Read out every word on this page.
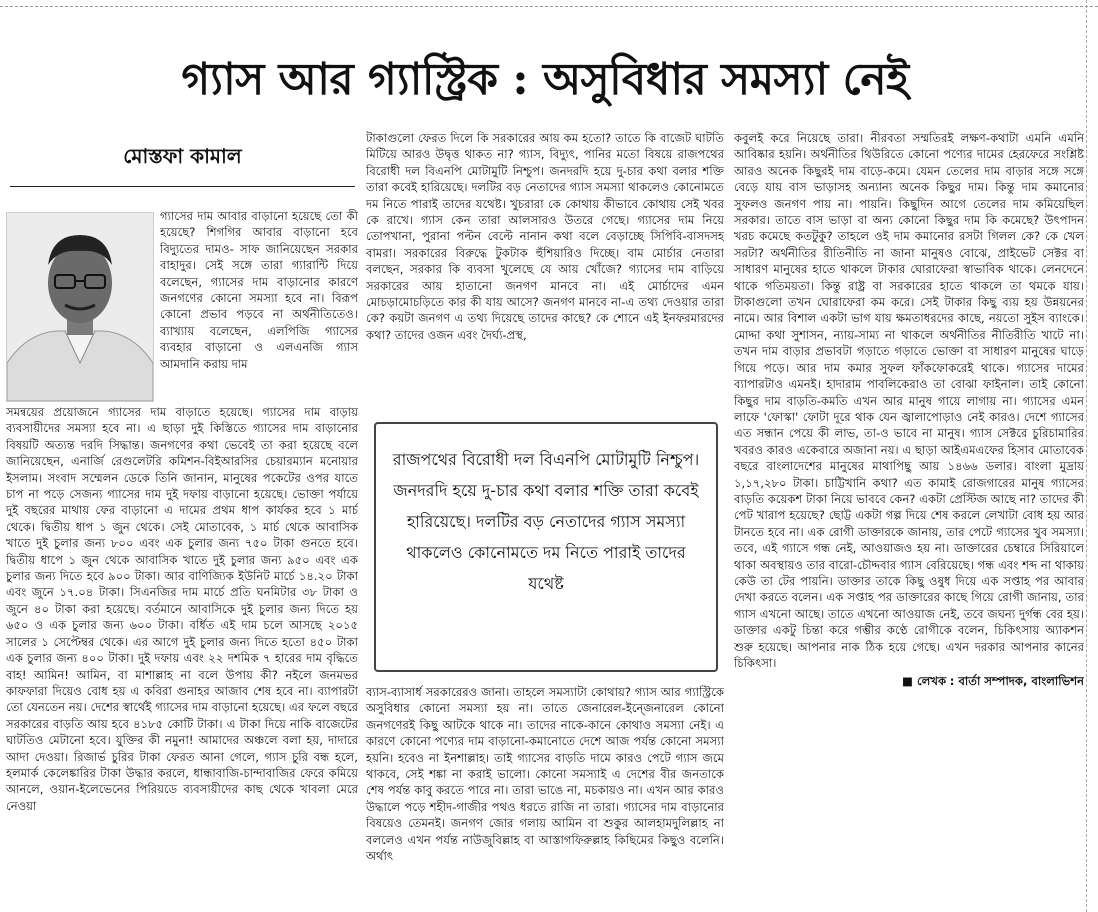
গ্যাস আর গ্যাস্ট্রিক : অসুবিধার সমস্যা নেই
মোস্তফা কামাল
গ্যাসের দাম আবার বাড়ানো হয়েছে তো কী হয়েছে? শিগগির আবার বাড়ানো হবে বিদ্যুতের দামও- সাফ জানিয়েছেন সরকার বাহাদুর। সেই সঙ্গে তারা গ্যারান্টি দিয়ে বলেছেন, গ্যাসের দাম বাড়ানোর কারণে জনগণের কোনো সমস্যা হবে না। বিরূপ কোনো প্রভাব পড়বে না অর্থনীতিতেও। ব্যাখ্যায় বলেছেন, এলপিজি গ্যাসের ব্যবহার বাড়ানো ও এলএনজি গ্যাস আমদানি করায় দাম
সমন্বয়ের প্রয়োজনে গ্যাসের দাম বাড়াতে হয়েছে। গ্যাসের দাম বাড়ায় ব্যবসায়ীদের সমস্যা হবে না। এ ছাড়া দুই কিস্তিতে গ্যাসের দাম বাড়ানোর বিষয়টি অত্যন্ত দরদি সিদ্ধান্ত। জনগণের কথা ভেবেই তা করা হয়েছে বলে জানিয়েছেন, এনার্জি রেগুলেটরি কমিশন-বিইআরসির চেয়ারম্যান মনোয়ার ইসলাম। সংবাদ সম্মেলন ডেকে তিনি জানান, মানুষের পকেটের ওপর যাতে চাপ না পড়ে সেজন্য গ্যাসের দাম দুই দফায় বাড়ানো হয়েছে। ভোক্তা পর্যায়ে দুই বছরের মাথায় ফের বাড়ানো এ দামের প্রথম ধাপ কার্যকর হবে ১ মার্চ থেকে। দ্বিতীয় ধাপ ১ জুন থেকে। সেই মোতাবেক, ১ মার্চ থেকে আবাসিক খাতে দুই চুলার জন্য ৮০০ এবং এক চুলার জন্য ৭৫০ টাকা গুনতে হবে। দ্বিতীয় ধাপে ১ জুন থেকে আবাসিক খাতে দুই চুলার জন্য ৯৫০ এবং এক চুলার জন্য দিতে হবে ৯০০ টাকা। আর বাণিজ্যিক ইউনিট মার্চে ১৪.২০ টাকা এবং জুনে ১৭.০৪ টাকা। সিএনজির দাম মার্চে প্রতি ঘনমিটার ৩৮ টাকা ও জুনে ৪০ টাকা করা হয়েছে। বর্তমানে আবাসিকে দুই চুলার জন্য দিতে হয় ৬৫০ ও এক চুলার জন্য ৬০০ টাকা। বর্ধিত এই দাম চলে আসছে ২০১৫ সালের ১ সেপ্টেম্বর থেকে। এর আগে দুই চুলার জন্য দিতে হতো ৪৫০ টাকা এক চুলার জন্য ৪০০ টাকা। দুই দফায় এবং ২২ দশমিক ৭ হারের দাম বৃদ্ধিতে বাহ! আমিন! আমিন, বা মাশাল্লাহ না বলে উপায় কী? নইলে জনমভর কাফফারা দিয়েও বোধ হয় এ কবিরা গুনাহর আজাব শেষ হবে না। ব্যাপারটা তো যেনতেন নয়। দেশের স্বার্থেই গ্যাসের দাম বাড়ানো হয়েছে। এর ফলে বছরে সরকারের বাড়তি আয় হবে ৪১৮৫ কোটি টাকা। এ টাকা দিয়ে নাকি বাজেটের ঘাটতিও মেটানো হবে। যুক্তির কী নমুনা! আমাদের অঞ্চলে বলা হয়, দাদারে আদা দেওয়া। রিজার্ভ চুরির টাকা ফেরত আনা গেলে, গ্যাস চুরি বন্ধ হলে, হলমার্ক কেলেঙ্কারির টাকা উদ্ধার করলে, ধান্ধাবাজি-চান্দাবাজির ফেরে কমিয়ে আনলে, ওয়ান-ইলেভেনের পিরিয়ডে ব্যবসায়ীদের কাছ থেকে খাবলা মেরে নেওয়া
টাকাগুলো ফেরত দিলে কি সরকারের আয় কম হতো? তাতে কি বাজেট ঘাটতি মিটিয়ে আরও উদ্বৃত্ত থাকত না? গ্যাস, বিদ্যুৎ, পানির মতো বিষয়ে রাজপথের বিরোধী দল বিএনপি মোটামুটি নিশ্চুপ। জনদরদি হয়ে দু-চার কথা বলার শক্তি তারা কবেই হারিয়েছে। দলটির বড় নেতাদের গ্যাস সমস্যা থাকলেও কোনোমতে দম নিতে পারাই তাদের যথেষ্ট। খুচরারা কে কোথায় কীভাবে কোথায় সেই খবর কে রাখে। গ্যাস কেন তারা আলসারও উতরে গেছে। গ্যাসের দাম নিয়ে তোপখানা, পুরানা পল্টন বেল্টে নানান কথা বলে বেড়াচ্ছে সিপিবি-বাসদসহ বামরা। সরকারের বিরুদ্ধে টুকটাক হুঁশিয়ারিও দিচ্ছে। বাম মোর্চার নেতারা বলছেন, সরকার কি ব্যবসা খুলেছে যে আয় খোঁজে? গ্যাসের দাম বাড়িয়ে সরকারের আয় হাতানো জনগণ মানবে না। এই মোর্চাদের এমন মোচড়ামোচড়িতে কার কী যায় আসে? জনগণ মানবে না-এ তথ্য দেওয়ার তারা কে? কয়টা জনগণ এ তথ্য দিয়েছে তাদের কাছে? কে শোনে এই ইনফরমারদের কথা? তাদের ওজন এবং দৈর্ঘ্য-প্রস্থ,
রাজপথের বিরোধী দল বিএনপি মোটামুটি নিশ্চুপ। জনদরদি হয়ে দু-চার কথা বলার শক্তি তারা কবেই হারিয়েছে। দলটির বড় নেতাদের গ্যাস সমস্যা থাকলেও কোনোমতে দম নিতে পারাই তাদের যথেষ্ট
ব্যাস-ব্যাসার্ধ সরকারেরও জানা। তাহলে সমস্যাটা কোথায়? গ্যাস আর গ্যাস্ট্রিকে অসুবিধার কোনো সমস্যা হয় না। তাতে জেনারেল-ইন্জেনারেল কোনো জনগণেরই কিছু আটকে থাকে না। তাদের নাকে-কানে কোথাও সমস্যা নেই। এ কারণে কোনো পণ্যের দাম বাড়ানো-কমানোতে দেশে আজ পর্যন্ত কোনো সমস্যা হয়নি। হবেও না ইনশাল্লাহ। তাই গ্যাসের বাড়তি দামে কারও পেটে গ্যাস জমে থাকবে, সেই শঙ্কা না করাই ভালো। কোনো সমস্যাই এ দেশের বীর জনতাকে শেষ পর্যন্ত কাবু করতে পারে না। তারা ভাঙে না, মচকায়ও না। এখন আর কারও উদ্ধালে পড়ে শহীদ-গাজীর পথও ধরতে রাজি না তারা। গ্যাসের দাম বাড়ানোর বিষয়েও তেমনই। জনগণ জোর গলায় আমিন বা শুকুর আলহামদুলিল্লাহ না বললেও এখন পর্যন্ত নাউজুবিল্লাহ বা আস্তাগফিরুল্লাহ কিছিমের কিছুও বলেনি। অর্থাৎ

কবুলই করে নিয়েছে তারা। নীরবতা সম্মতিরই লক্ষণ-কথাটা এমনি এমনি আবিষ্কার হয়নি। অর্থনীতির থিউরিতে কোনো পণ্যের দামের হেরফেরে সংশ্লিষ্ট আরও অনেক কিছুরই দাম বাড়ে-কমে। যেমন তেলের দাম বাড়ার সঙ্গে সঙ্গে বেড়ে যায় বাস ভাড়াসহ অন্যান্য অনেক কিছুর দাম। কিন্তু দাম কমানোর সুফলও জনগণ পায় না। পায়নি। কিছুদিন আগে তেলের দাম কমিয়েছিল সরকার। তাতে বাস ভাড়া বা অন্য কোনো কিছুর দাম কি কমেছে? উৎপাদন খরচ কমেছে কতটুকু? তাহলে ওই দাম কমানোর রসটা গিলল কে? কে খেল সরটা? অর্থনীতির রীতিনীতি না জানা মানুষও বোঝে, প্রাইভেট সেক্টর বা সাধারণ মানুষের হাতে থাকলে টাকার ঘোরাফেরা স্বাভাবিক থাকে। লেনদেনে থাকে গতিময়তা। কিন্তু রাষ্ট্র বা সরকারের হাতে থাকলে তা থমকে যায়। টাকাগুলো তখন ঘোরাফেরা কম করে। সেই টাকার কিছু ব্যয় হয় উন্নয়নের নামে। আর বিশাল একটা ভাগ যায় ক্ষমতাধরদের কাছে, নয়তো সুইস ব্যাংকে। মোদ্দা কথা সুশাসন, ন্যায়-সাম্য না থাকলে অর্থনীতির নীতিরীতি খাটে না। তখন দাম বাড়ার প্রভাবটা গড়াতে গড়াতে ভোক্তা বা সাধারণ মানুষের ঘাড়ে গিয়ে পড়ে। আর দাম কমার সুফল ফাঁকফোকরেই থাকে। গ্যাসের দামের ব্যাপারটাও এমনই। হাদারাম পাবলিকেরাও তা বোঝা ফাইনাল। তাই কোনো কিছুর দাম বাড়তি-কমতি এখন আর মানুষ গায়ে লাগায় না। গ্যাসের এমন লাফে 'ফোস্কা' ফোটা দূরে থাক যেন জ্বালাপোড়াও নেই কারও। দেশে গ্যাসের এত সন্ধান পেয়ে কী লাভ, তা-ও ভাবে না মানুষ। গ্যাস সেক্টরে চুরিচামারির খবরও কারও একেবারে অজানা নয়। এ ছাড়া আইএমএফের হিসাব মোতাবেক বছরে বাংলাদেশের মানুষের মাথাপিছু আয় ১৪৬৬ ডলার। বাংলা মুদ্রায় ১,১৭,২৮০ টাকা। চাট্টিখানি কথা? এত কামাই রোজগারের মানুষ গ্যাসের বাড়তি কয়েকশ টাকা নিয়ে ভাববে কেন? একটা প্রেস্টিজ আছে না? তাদের কী পেট খারাপ হয়েছে? ছোট্ট একটা গল্প দিয়ে শেষ করলে লেখাটা বোধ হয় আর টানতে হবে না। এক রোগী ডাক্তারকে জানায়, তার পেটে গ্যাসের খুব সমস্যা। তবে, এই গ্যাসে গন্ধ নেই, আওয়াজও হয় না। ডাক্তারের চেম্বারে সিরিয়ালে থাকা অবস্থায়ও তার বারো-চৌদ্দবার গ্যাস বেরিয়েছে। গন্ধ এবং শব্দ না থাকায় কেউ তা টের পায়নি। ডাক্তার তাকে কিছু ওষুধ দিয়ে এক সপ্তাহ পর আবার দেখা করতে বলেন। এক সপ্তাহ পর ডাক্তারের কাছে গিয়ে রোগী জানায়, তার গ্যাস এখনো আছে। তাতে এখনো আওয়াজ নেই, তবে জঘন্য দুর্গন্ধ বের হয়। ডাক্তার একটু চিন্তা করে গম্ভীর কণ্ঠে রোগীকে বলেন, চিকিৎসায় অ্যাকশন শুরু হয়েছে। আপনার নাক ঠিক হয়ে গেছে। এখন দরকার আপনার কানের চিকিৎসা।

■ লেখক : বার্তা সম্পাদক, বাংলাভিশন
